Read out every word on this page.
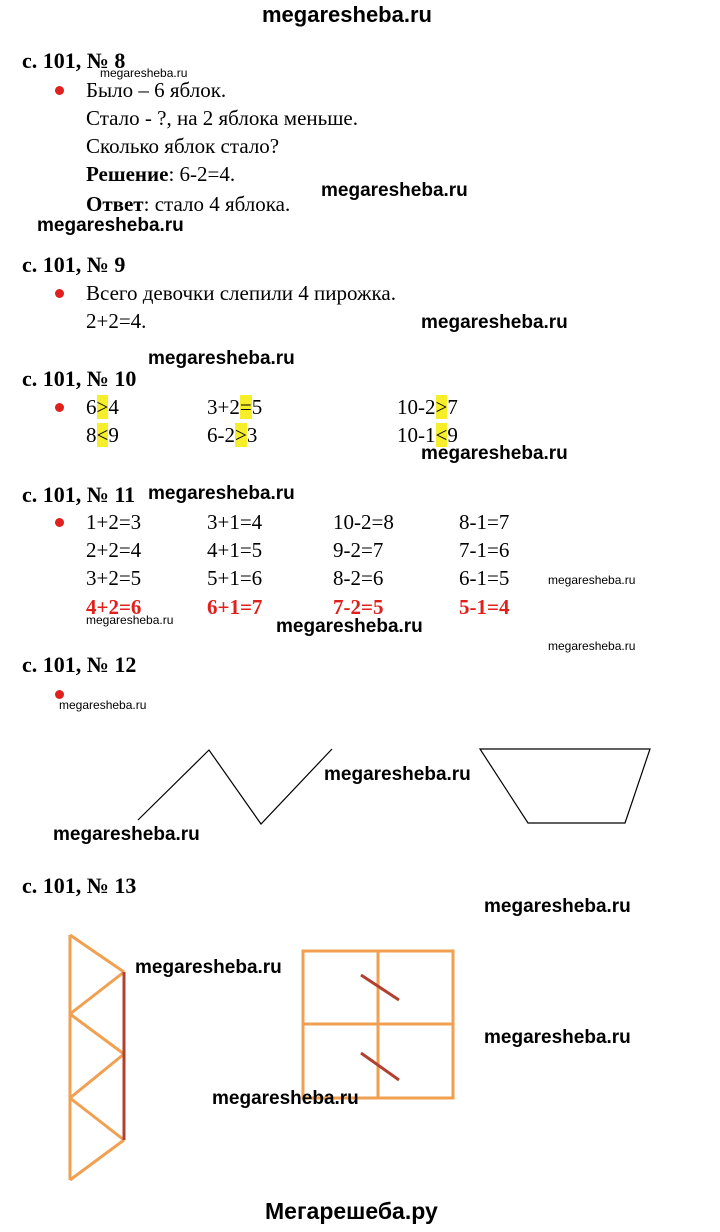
megaresheba.ru
с. 101, № 8
megaresheba.ru
Было – 6 яблок.
Стало - ?, на 2 яблока меньше.
Сколько яблок стало?
Решение: 6-2=4.
Ответ: стало 4 яблока.
megaresheba.ru
megaresheba.ru
с. 101, № 9
Всего девочки слепили 4 пирожка.
2+2=4.	megaresheba.ru
megaresheba.ru
с. 101, № 10
6>4	3+2=5	10-2>7
8<9	6-2>3	10-1<9
megaresheba.ru
с. 101, № 11 megaresheba.ru
1+2=3	3+1=4	10-2=8	8-1=7
2+2=4	4+1=5	9-2=7	7-1=6
3+2=5	5+1=6	8-2=6	6-1=5	megaresheba.ru
4+2=6	6+1=7	7-2=5	5-1=4
megaresheba.ru	megaresheba.ru
megaresheba.ru
с. 101, № 12
megaresheba.ru
megaresheba.ru
megaresheba.ru
с. 101, № 13
megaresheba.ru
megaresheba.ru
megaresheba.ru
megaresheba.ru
Мегарешеба.ру
